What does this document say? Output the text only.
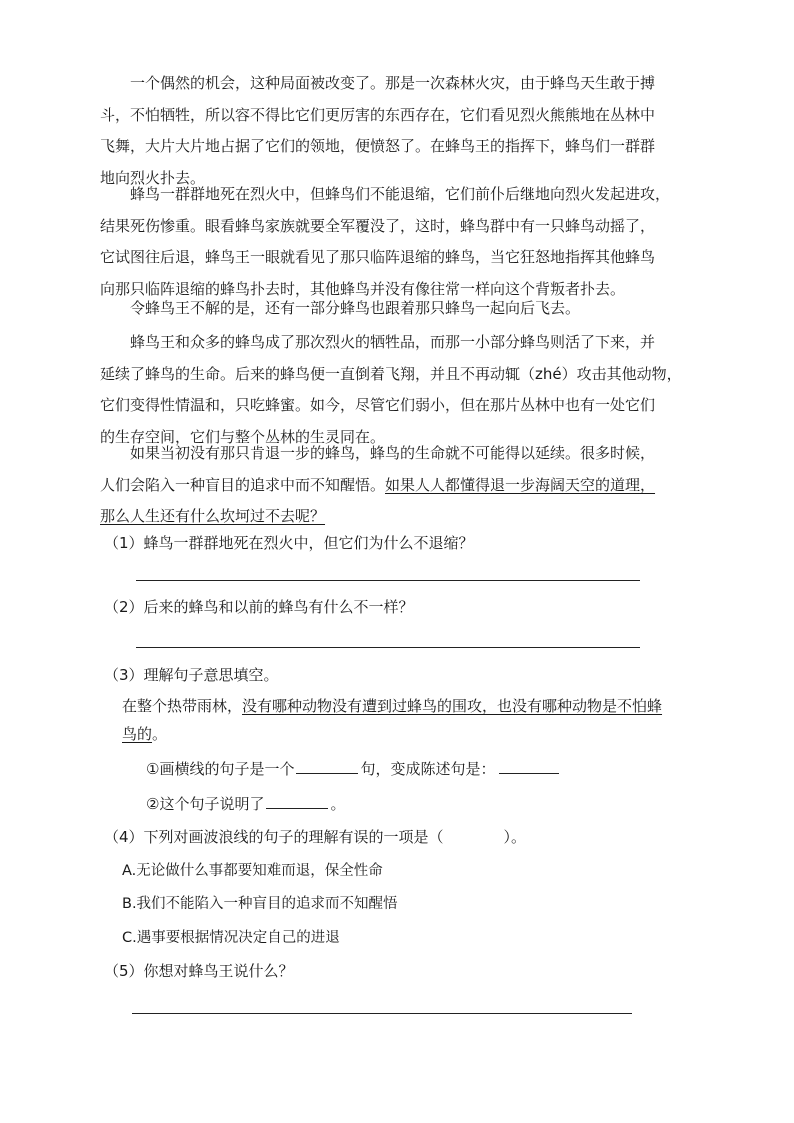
一个偶然的机会，这种局面被改变了。那是一次森林火灾，由于蜂鸟天生敢于搏
斗，不怕牺牲，所以容不得比它们更厉害的东西存在，它们看见烈火熊熊地在丛林中
飞舞，大片大片地占据了它们的领地，便愤怒了。在蜂鸟王的指挥下，蜂鸟们一群群
地向烈火扑去。
蜂鸟一群群地死在烈火中，但蜂鸟们不能退缩，它们前仆后继地向烈火发起进攻，
结果死伤惨重。眼看蜂鸟家族就要全军覆没了，这时，蜂鸟群中有一只蜂鸟动摇了，
它试图往后退，蜂鸟王一眼就看见了那只临阵退缩的蜂鸟，当它狂怒地指挥其他蜂鸟
向那只临阵退缩的蜂鸟扑去时，其他蜂鸟并没有像往常一样向这个背叛者扑去。
令蜂鸟王不解的是，还有一部分蜂鸟也跟着那只蜂鸟一起向后飞去。
蜂鸟王和众多的蜂鸟成了那次烈火的牺牲品，而那一小部分蜂鸟则活了下来，并
延续了蜂鸟的生命。后来的蜂鸟便一直倒着飞翔，并且不再动辄（zhé）攻击其他动物，
它们变得性情温和，只吃蜂蜜。如今，尽管它们弱小，但在那片丛林中也有一处它们
的生存空间，它们与整个丛林的生灵同在。
如果当初没有那只肯退一步的蜂鸟，蜂鸟的生命就不可能得以延续。很多时候，
人们会陷入一种盲目的追求中而不知醒悟。如果人人都懂得退一步海阔天空的道理，
那么人生还有什么坎坷过不去呢？
（1）蜂鸟一群群地死在烈火中，但它们为什么不退缩？
（2）后来的蜂鸟和以前的蜂鸟有什么不一样？
（3）理解句子意思填空。
在整个热带雨林，没有哪种动物没有遭到过蜂鸟的围攻，也没有哪种动物是不怕蜂
鸟的。
①画横线的句子是一个	句，变成陈述句是：
②这个句子说明了	。
（4）下列对画波浪线的句子的理解有误的一项是（　　　　）。
A.无论做什么事都要知难而退，保全性命
B.我们不能陷入一种盲目的追求而不知醒悟
C.遇事要根据情况决定自己的进退
（5）你想对蜂鸟王说什么？
